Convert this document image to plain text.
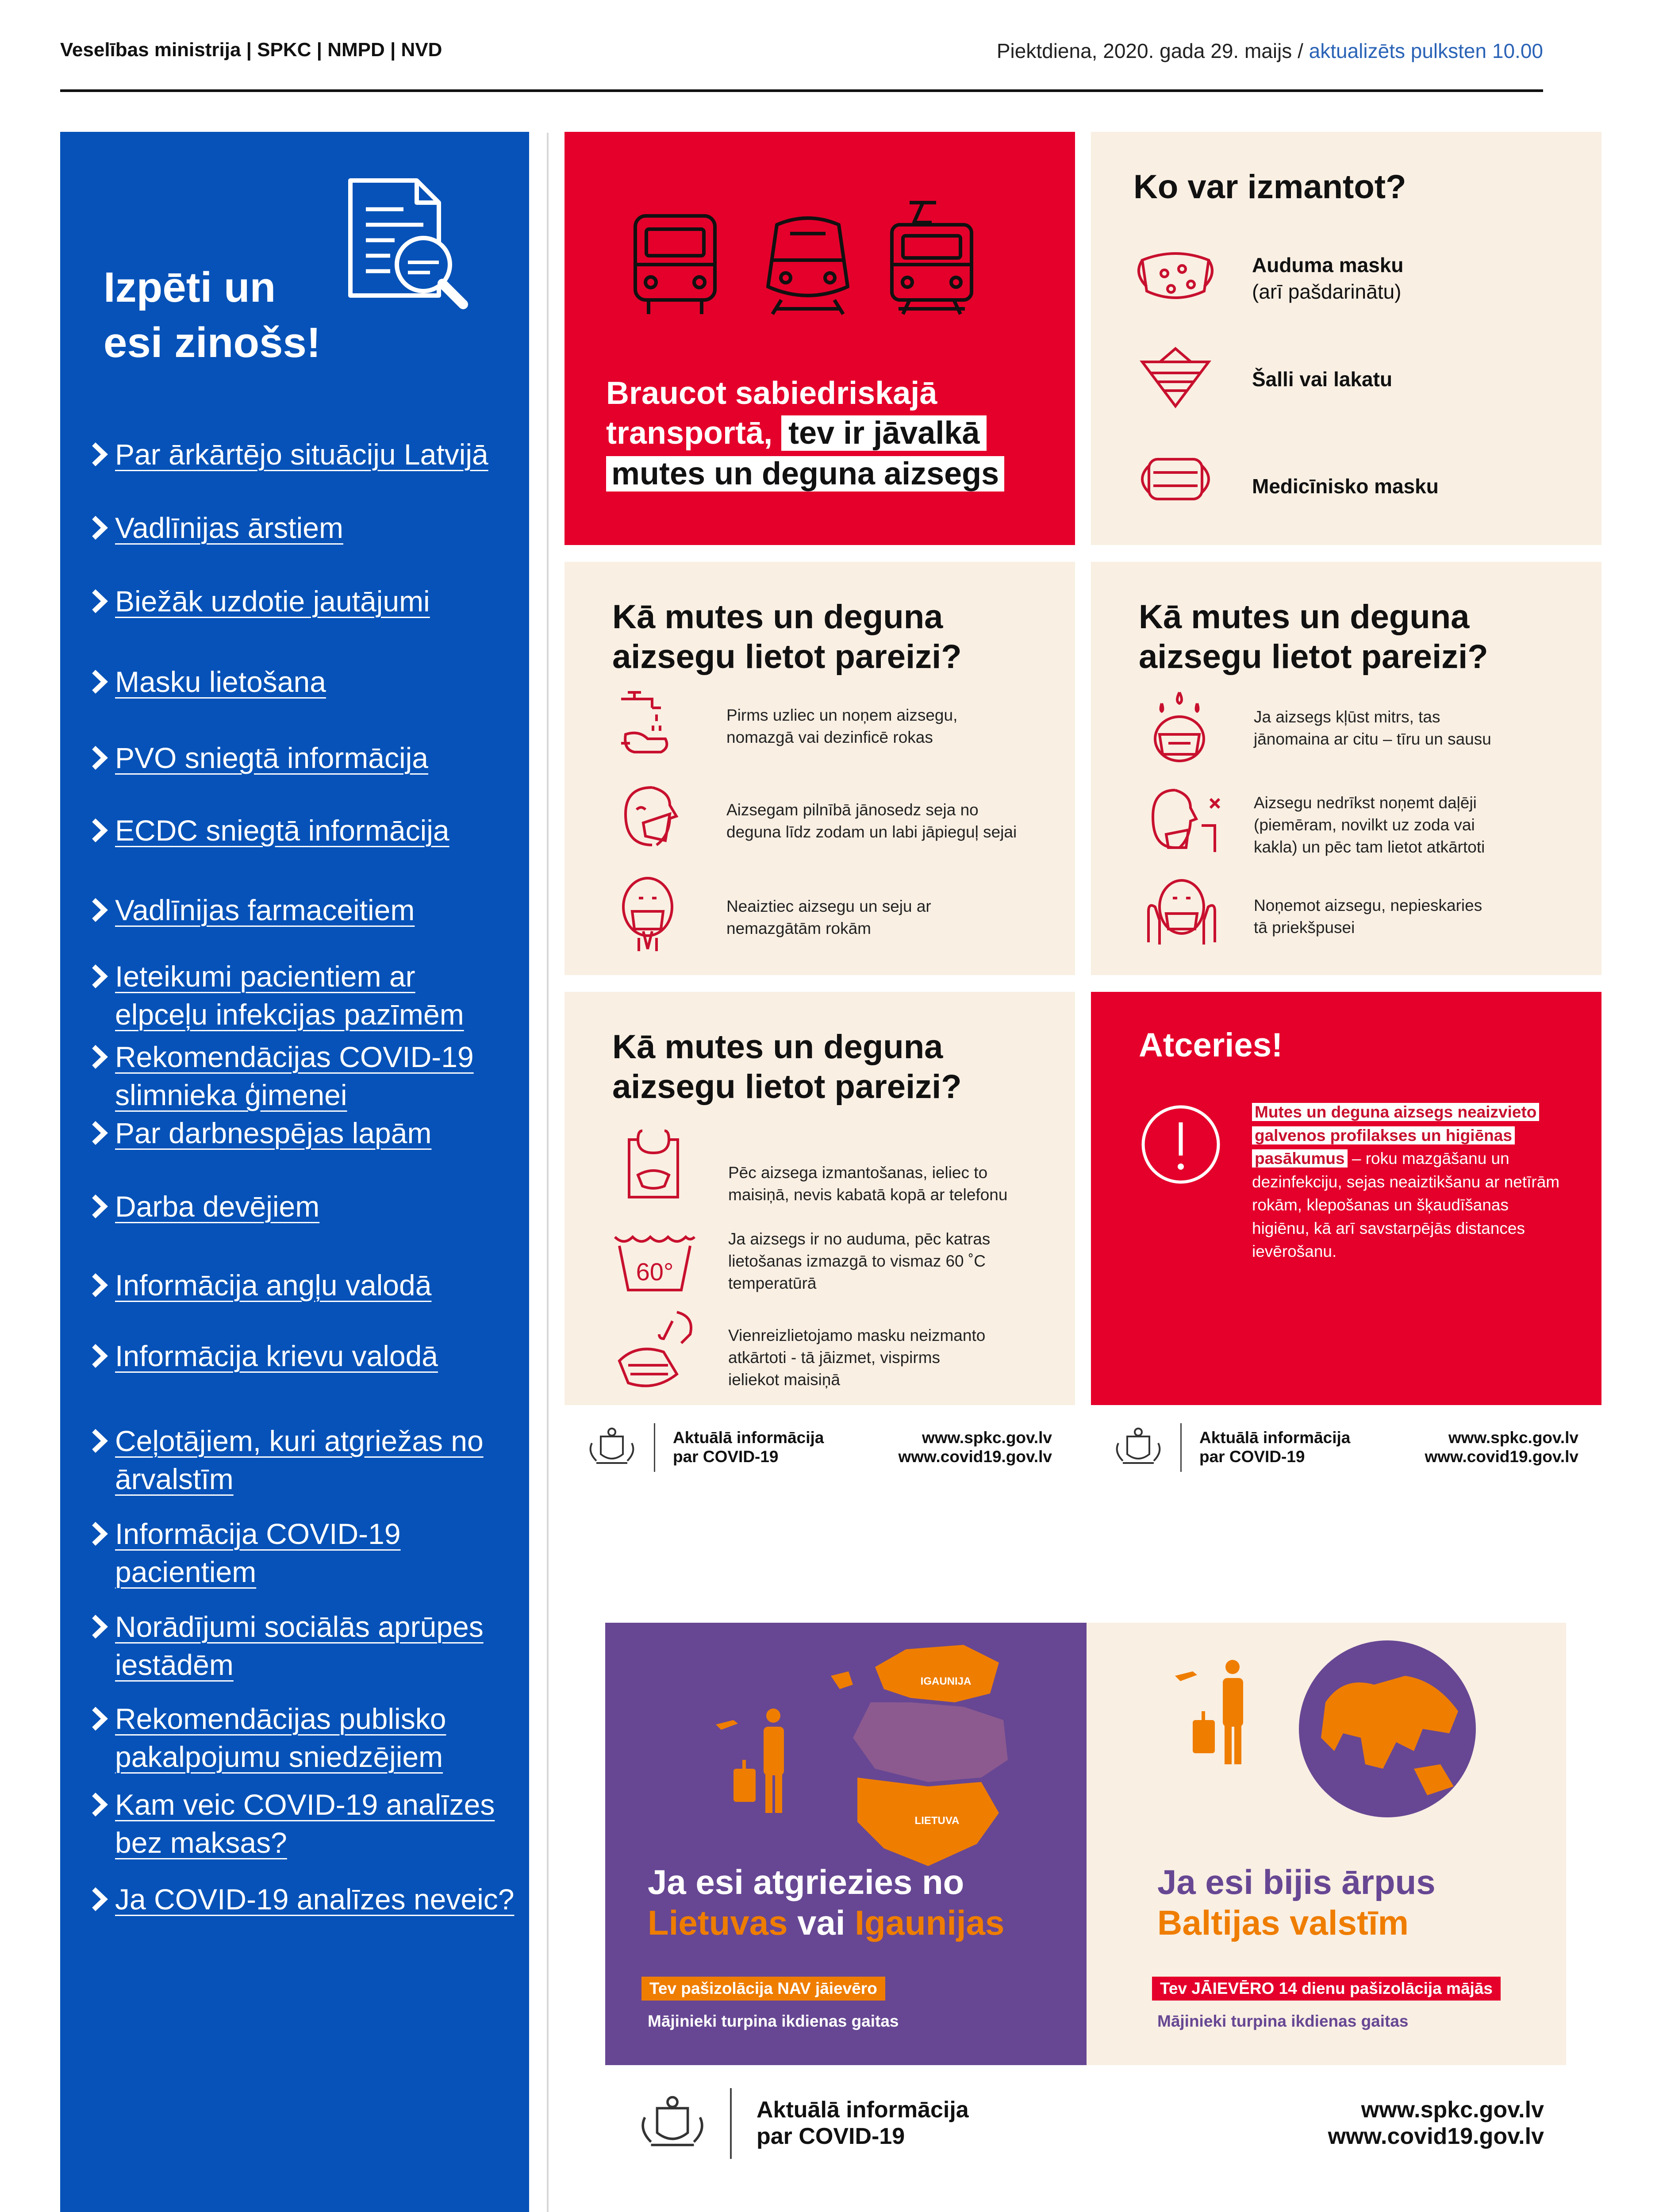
Veselības ministrija | SPKC | NMPD | NVD	Piektdiena, 2020. gada 29. maijs / aktualizēts pulksten 10.00
Izpēti un
esi zinošs!
Par ārkārtējo situāciju Latvijā
Vadlīnijas ārstiem
Biežāk uzdotie jautājumi
Masku lietošana
PVO sniegtā informācija
ECDC sniegtā informācija
Vadlīnijas farmaceitiem
Ieteikumi pacientiem ar
elpceļu infekcijas pazīmēm
Rekomendācijas COVID-19
slimnieka ģimenei
Par darbnespējas lapām
Darba devējiem
Informācija angļu valodā
Informācija krievu valodā
Ceļotājiem, kuri atgriežas no
ārvalstīm
Informācija COVID-19
pacientiem
Norādījumi sociālās aprūpes
iestādēm
Rekomendācijas publisko
pakalpojumu sniedzējiem
Kam veic COVID-19 analīzes
bez maksas?
Ja COVID-19 analīzes neveic?
Braucot sabiedriskajā
transportā, tev ir jāvalkā
mutes un deguna aizsegs
Ko var izmantot?
Auduma masku
(arī pašdarinātu)
Šalli vai lakatu
Medicīnisko masku
Kā mutes un deguna
aizsegu lietot pareizi?
Pirms uzliec un noņem aizsegu,
nomazgā vai dezinficē rokas
Aizsegam pilnībā jānosedz seja no
deguna līdz zodam un labi jāpieguļ sejai
Neaiztiec aizsegu un seju ar
nemazgātām rokām
Kā mutes un deguna
aizsegu lietot pareizi?
Ja aizsegs kļūst mitrs, tas
jānomaina ar citu – tīru un sausu
Aizsegu nedrīkst noņemt daļēji
(piemēram, novilkt uz zoda vai
kakla) un pēc tam lietot atkārtoti
Noņemot aizsegu, nepieskaries
tā priekšpusei
Kā mutes un deguna
aizsegu lietot pareizi?
Pēc aizsega izmantošanas, ieliec to
maisiņā, nevis kabatā kopā ar telefonu
60°
Ja aizsegs ir no auduma, pēc katras
lietošanas izmazgā to vismaz 60 ˚C
temperatūrā
Vienreizlietojamo masku neizmanto
atkārtoti - tā jāizmet, vispirms
ieliekot maisiņā
Atceries!
Mutes un deguna aizsegs neaizvieto
galvenos profilakses un higiēnas
pasākumus – roku mazgāšanu un
dezinfekciju, sejas neaiztikšanu ar netīrām
rokām, klepošanas un šķaudīšanas
higiēnu, kā arī savstarpējās distances
ievērošanu.
Aktuālā informācija
par COVID-19
www.spkc.gov.lv
www.covid19.gov.lv
Aktuālā informācija
par COVID-19
www.spkc.gov.lv
www.covid19.gov.lv
IGAUNIJA
LIETUVA
Ja esi atgriezies no
Lietuvas vai Igaunijas
Tev pašizolācija NAV jāievēro
Mājinieki turpina ikdienas gaitas
Ja esi bijis ārpus
Baltijas valstīm
Tev JĀIEVĒRO 14 dienu pašizolācija mājās
Mājinieki turpina ikdienas gaitas
Aktuālā informācija
par COVID-19
www.spkc.gov.lv
www.covid19.gov.lv
